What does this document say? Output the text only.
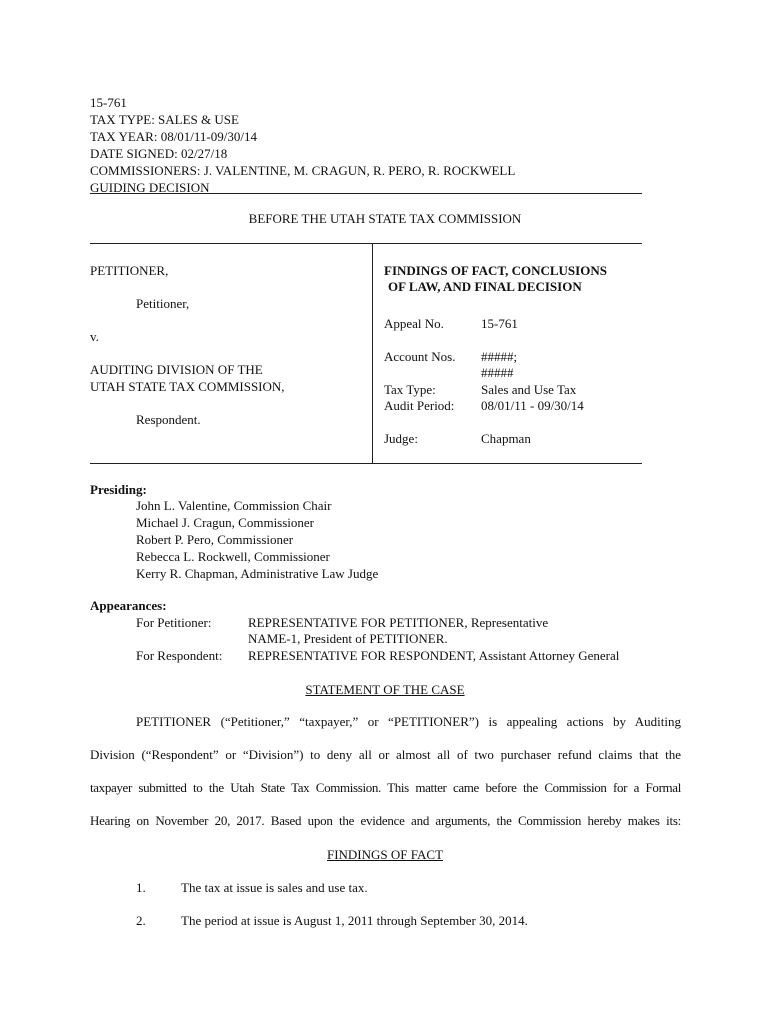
15-761
TAX TYPE: SALES & USE
TAX YEAR: 08/01/11-09/30/14
DATE SIGNED: 02/27/18
COMMISSIONERS: J. VALENTINE, M. CRAGUN, R. PERO, R. ROCKWELL
GUIDING DECISION
BEFORE THE UTAH STATE TAX COMMISSION
PETITIONER,
Petitioner,
v.
AUDITING DIVISION OF THE
UTAH STATE TAX COMMISSION,
Respondent.
FINDINGS OF FACT, CONCLUSIONS
OF LAW, AND FINAL DECISION
Appeal No.	15-761
Account Nos. #####;
#####
Tax Type:	Sales and Use Tax
Audit Period: 08/01/11 - 09/30/14
Judge:	Chapman
Presiding:
John L. Valentine, Commission Chair
Michael J. Cragun, Commissioner
Robert P. Pero, Commissioner
Rebecca L. Rockwell, Commissioner
Kerry R. Chapman, Administrative Law Judge
Appearances:
For Petitioner:	REPRESENTATIVE FOR PETITIONER, Representative
NAME-1, President of PETITIONER.
For Respondent: REPRESENTATIVE FOR RESPONDENT, Assistant Attorney General
STATEMENT OF THE CASE
PETITIONER (“Petitioner,” “taxpayer,” or “PETITIONER”) is appealing actions by Auditing
Division (“Respondent” or “Division”) to deny all or almost all of two purchaser refund claims that the
taxpayer submitted to the Utah State Tax Commission. This matter came before the Commission for a Formal
Hearing on November 20, 2017. Based upon the evidence and arguments, the Commission hereby makes its:
FINDINGS OF FACT
1.	The tax at issue is sales and use tax.
2.	The period at issue is August 1, 2011 through September 30, 2014.
